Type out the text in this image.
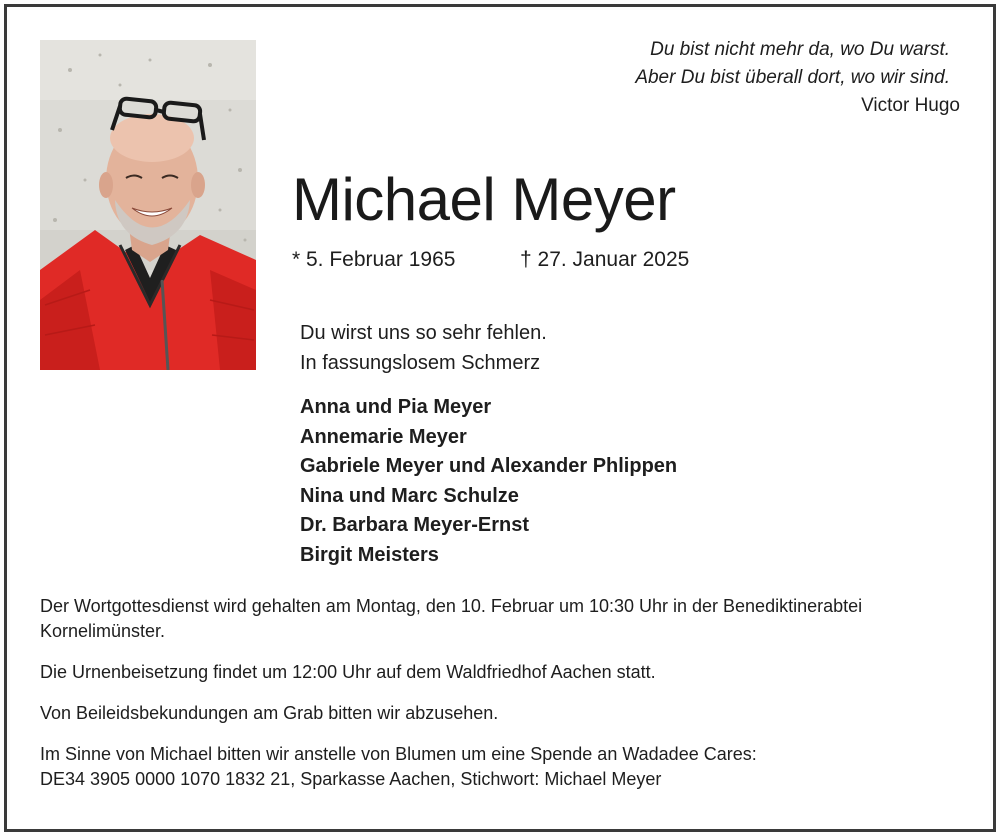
Du bist nicht mehr da, wo Du warst.
Aber Du bist überall dort, wo wir sind.
Victor Hugo
Michael Meyer
* 5. Februar 1965	† 27. Januar 2025
Du wirst uns so sehr fehlen.
In fassungslosem Schmerz
Anna und Pia Meyer
Annemarie Meyer
Gabriele Meyer und Alexander Phlippen
Nina und Marc Schulze
Dr. Barbara Meyer-Ernst
Birgit Meisters

Der Wortgottesdienst wird gehalten am Montag, den 10. Februar um 10:30 Uhr in der Benediktinerabtei
Kornelimünster.

Die Urnenbeisetzung findet um 12:00 Uhr auf dem Waldfriedhof Aachen statt.

Von Beileidsbekundungen am Grab bitten wir abzusehen.

Im Sinne von Michael bitten wir anstelle von Blumen um eine Spende an Wadadee Cares:
DE34 3905 0000 1070 1832 21, Sparkasse Aachen, Stichwort: Michael Meyer
